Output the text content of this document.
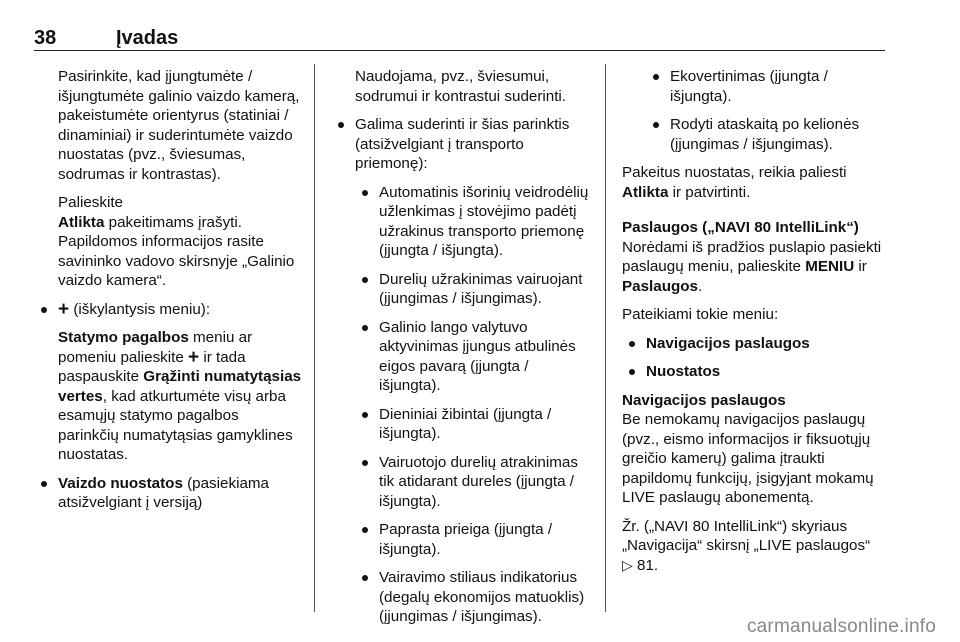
38	Įvadas

Pasirinkite, kad įjungtumėte / išjungtumėte galinio vaizdo kamerą, pakeistumėte orientyrus (statiniai / dinaminiai) ir suderintumėte vaizdo nuostatas (pvz., šviesumas, sodrumas ir kontrastas).

Palieskite
Atlikta pakeitimams įrašyti.
Papildomos informacijos rasite savininko vadovo skirsnyje „Galinio vaizdo kamera“.

+ (iškylantysis meniu):

Statymo pagalbos meniu ar pomeniu palieskite + ir tada paspauskite Grąžinti numatytąsias vertes, kad atkurtumėte visų arba esamųjų statymo pagalbos parinkčių numatytąsias gamyklines nuostatas.

Vaizdo nuostatos (pasiekiama atsižvelgiant į versiją)

Naudojama, pvz., šviesumui, sodrumui ir kontrastui suderinti.

Galima suderinti ir šias parinktis (atsižvelgiant į transporto priemonę):
Automatinis išorinių veidrodėlių užlenkimas į stovėjimo padėtį užrakinus transporto priemonę (įjungta / išjungta).
Durelių užrakinimas vairuojant (įjungimas / išjungimas).
Galinio lango valytuvo aktyvinimas įjungus atbulinės eigos pavarą (įjungta / išjungta).
Dieniniai žibintai (įjungta / išjungta).
Vairuotojo durelių atrakinimas tik atidarant dureles (įjungta / išjungta).
Paprasta prieiga (įjungta / išjungta).
Vairavimo stiliaus indikatorius (degalų ekonomijos matuoklis) (įjungimas / išjungimas).
Ekovertinimas (įjungta / išjungta).
Rodyti ataskaitą po kelionės (įjungimas / išjungimas).

Pakeitus nuostatas, reikia paliesti Atlikta ir patvirtinti.

Paslaugos („NAVI 80 IntelliLink“)
Norėdami iš pradžios puslapio pasiekti paslaugų meniu, palieskite MENIU ir Paslaugos.

Pateikiami tokie meniu:

Navigacijos paslaugos
Nuostatos

Navigacijos paslaugos
Be nemokamų navigacijos paslaugų (pvz., eismo informacijos ir fiksuotųjų greičio kamerų) galima įtraukti papildomų funkcijų, įsigyjant mokamų LIVE paslaugų abonementą.

Žr. („NAVI 80 IntelliLink“) skyriaus „Navigacija“ skirsnį „LIVE paslaugos“
▷ 81.

carmanualsonline.info
